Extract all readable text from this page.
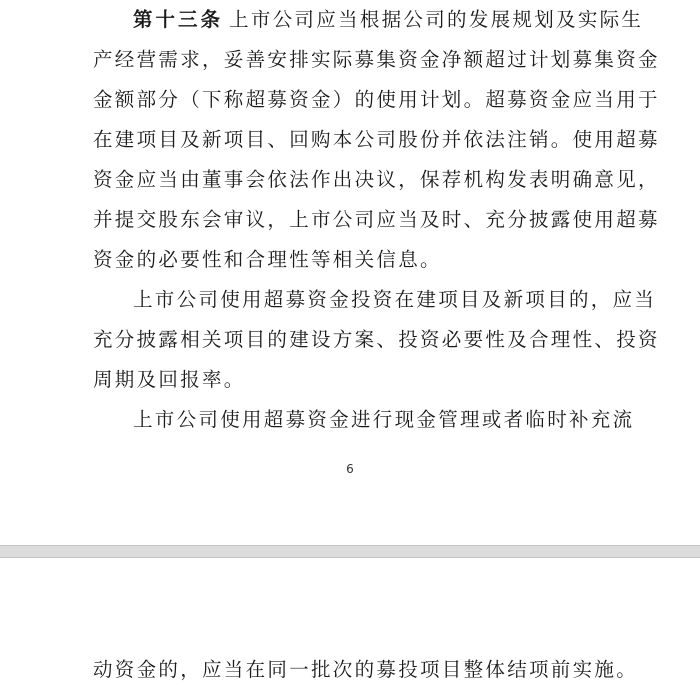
第十三条 上市公司应当根据公司的发展规划及实际生
产经营需求，妥善安排实际募集资金净额超过计划募集资金
金额部分（下称超募资金）的使用计划。超募资金应当用于
在建项目及新项目、回购本公司股份并依法注销。使用超募
资金应当由董事会依法作出决议，保荐机构发表明确意见，
并提交股东会审议，上市公司应当及时、充分披露使用超募
资金的必要性和合理性等相关信息。
上市公司使用超募资金投资在建项目及新项目的，应当
充分披露相关项目的建设方案、投资必要性及合理性、投资
周期及回报率。
上市公司使用超募资金进行现金管理或者临时补充流
6
动资金的，应当在同一批次的募投项目整体结项前实施。
